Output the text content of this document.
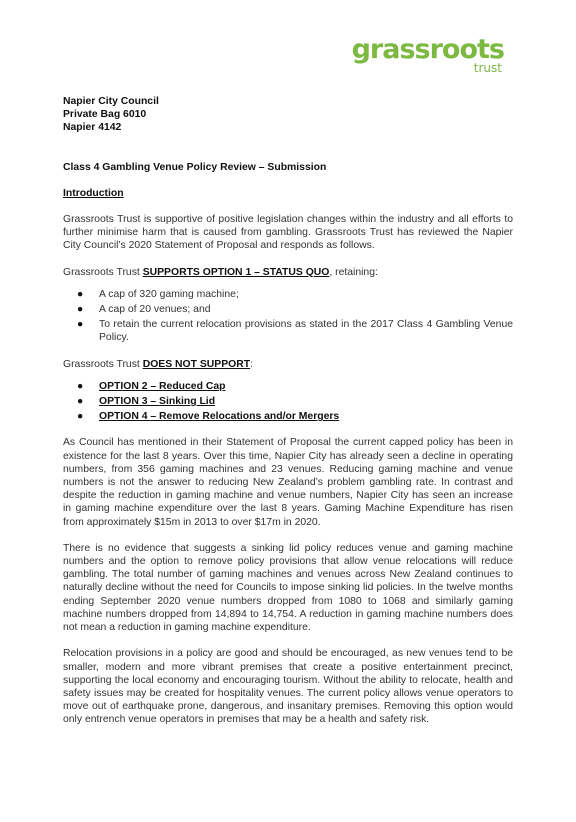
grassroots
trust

Napier City Council

Private Bag 6010

Napier 4142

Class 4 Gambling Venue Policy Review – Submission
Introduction

Grassroots Trust is supportive of positive legislation changes within the industry and all efforts to further minimise harm that is caused from gambling. Grassroots Trust has reviewed the Napier City Council’s 2020 Statement of Proposal and responds as follows.

Grassroots Trust SUPPORTS OPTION 1 – STATUS QUO, retaining:

● A cap of 320 gaming machine;
● A cap of 20 venues; and
● To retain the current relocation provisions as stated in the 2017 Class 4 Gambling Venue Policy.

Grassroots Trust DOES NOT SUPPORT:

● OPTION 2 – Reduced Cap
● OPTION 3 – Sinking Lid
● OPTION 4 – Remove Relocations and/or Mergers

As Council has mentioned in their Statement of Proposal the current capped policy has been in existence for the last 8 years. Over this time, Napier City has already seen a decline in operating numbers, from 356 gaming machines and 23 venues. Reducing gaming machine and venue numbers is not the answer to reducing New Zealand’s problem gambling rate. In contrast and despite the reduction in gaming machine and venue numbers, Napier City has seen an increase in gaming machine expenditure over the last 8 years. Gaming Machine Expenditure has risen from approximately $15m in 2013 to over $17m in 2020.

There is no evidence that suggests a sinking lid policy reduces venue and gaming machine numbers and the option to remove policy provisions that allow venue relocations will reduce gambling. The total number of gaming machines and venues across New Zealand continues to naturally decline without the need for Councils to impose sinking lid policies. In the twelve months ending September 2020 venue numbers dropped from 1080 to 1068 and similarly gaming machine numbers dropped from 14,894 to 14,754. A reduction in gaming machine numbers does not mean a reduction in gaming machine expenditure.

Relocation provisions in a policy are good and should be encouraged, as new venues tend to be smaller, modern and more vibrant premises that create a positive entertainment precinct, supporting the local economy and encouraging tourism. Without the ability to relocate, health and safety issues may be created for hospitality venues. The current policy allows venue operators to move out of earthquake prone, dangerous, and insanitary premises. Removing this option would only entrench venue operators in premises that may be a health and safety risk.
